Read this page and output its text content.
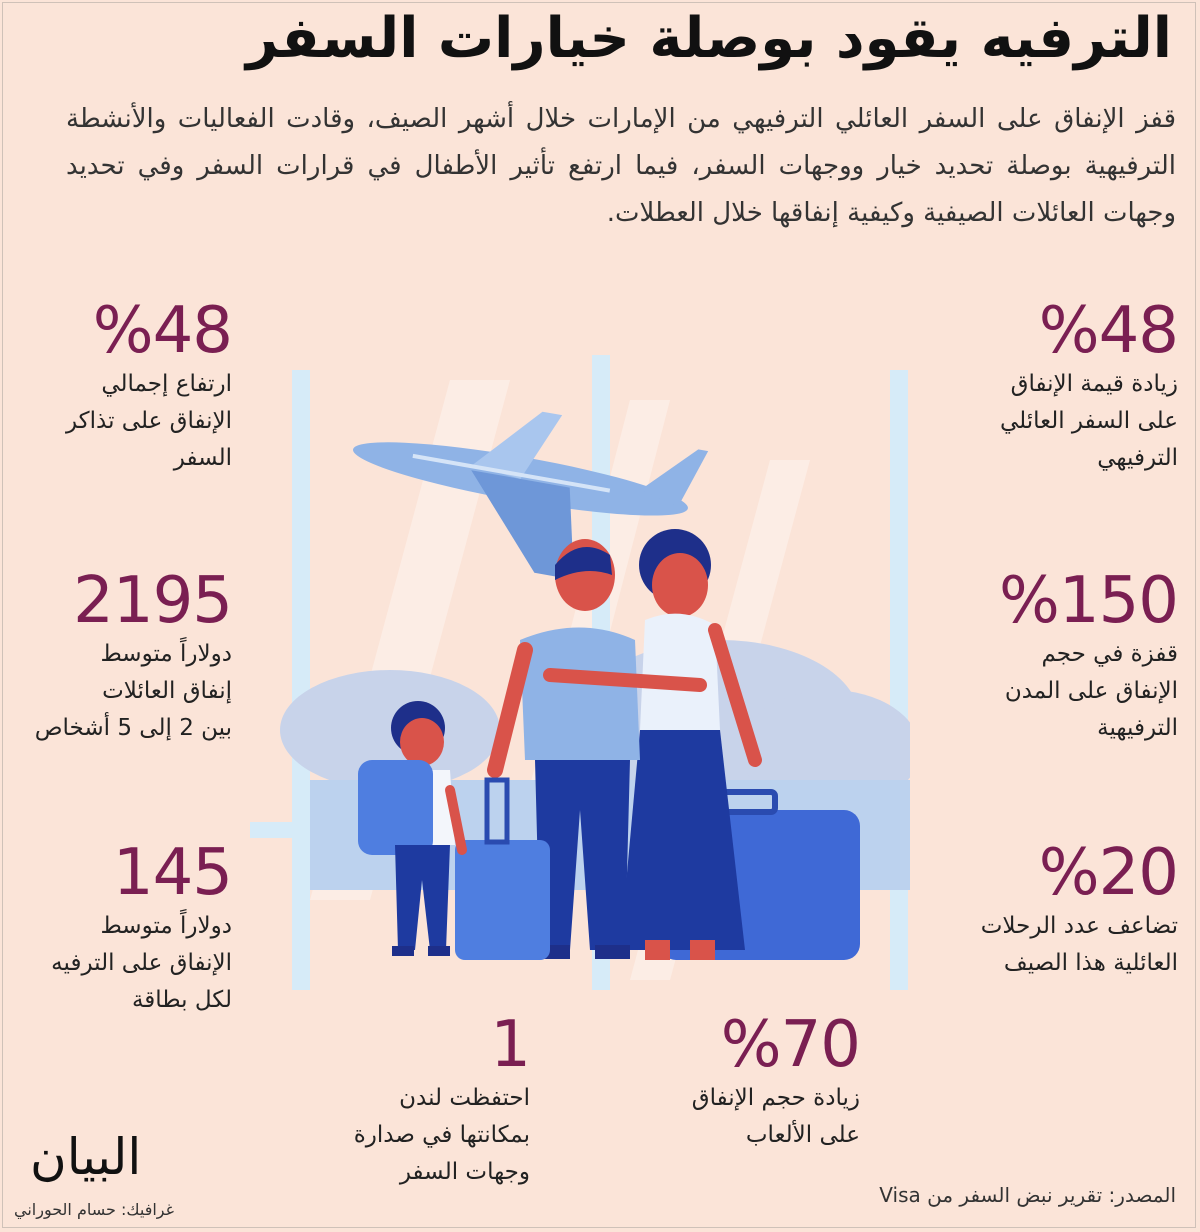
الترفيه يقود بوصلة خيارات السفر
قفز الإنفاق على السفر العائلي الترفيهي من الإمارات خلال أشهر الصيف، وقادت الفعاليات والأنشطة الترفيهية بوصلة تحديد خيار ووجهات السفر، فيما ارتفع تأثير الأطفال في قرارات السفر وفي تحديد وجهات العائلات الصيفية وكيفية إنفاقها خلال العطلات.
%48
زيادة قيمة الإنفاق
على السفر العائلي
الترفيهي
%150
قفزة في حجم
الإنفاق على المدن
الترفيهية
%20
تضاعف عدد الرحلات
العائلية هذا الصيف
%70
زيادة حجم الإنفاق
على الألعاب
1
احتفظت لندن
بمكانتها في صدارة
وجهات السفر
%48
ارتفاع إجمالي
الإنفاق على تذاكر
السفر
2195
دولاراً متوسط
إنفاق العائلات
بين 2 إلى 5 أشخاص
145
دولاراً متوسط
الإنفاق على الترفيه
لكل بطاقة
البيان
غرافيك: حسام الحوراني
المصدر: تقرير نبض السفر من Visa
